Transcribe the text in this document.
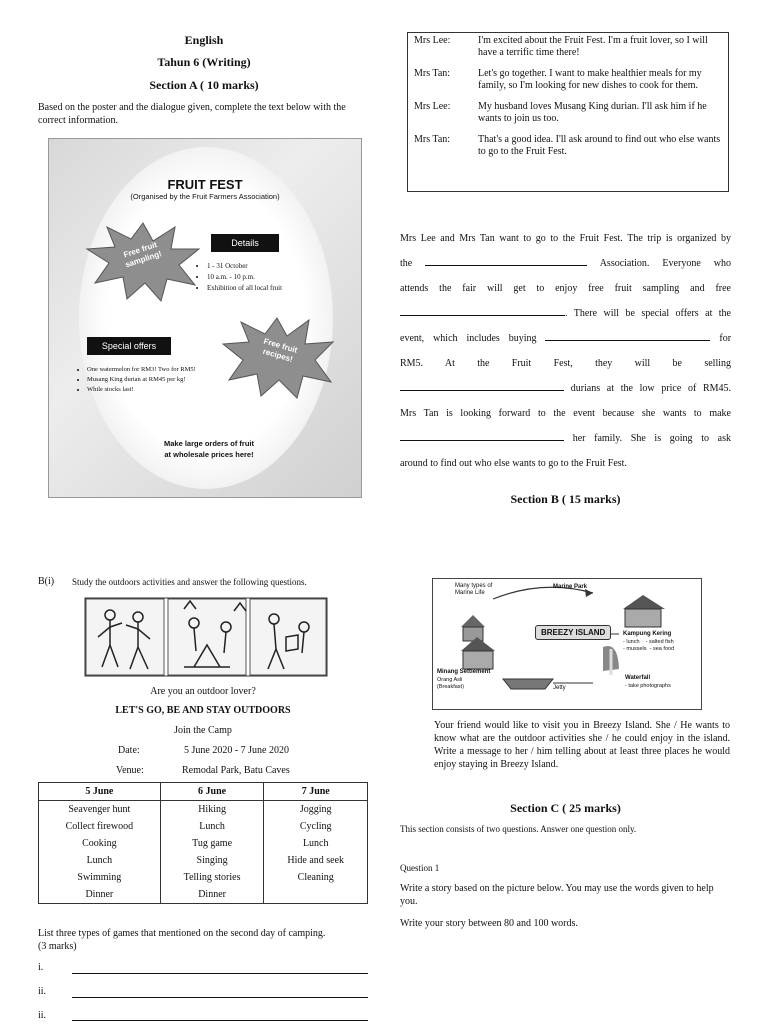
English
Tahun 6 (Writing)
Section A ( 10 marks)
Based on the poster and the dialogue given, complete the text below with the correct information.
FRUIT FEST
(Organised by the Fruit Farmers Association)
Free fruit sampling!
Details
• 1 - 31 October
• 10 a.m. - 10 p.m.
• Exhibition of all local fruit
Free fruit recipes!
Special offers
• One watermelon for RM3! Two for RM5!
• Musang King durian at RM45 per kg!
• While stocks last!
Make large orders of fruit
at wholesale prices here!
Mrs Lee:	I'm excited about the Fruit Fest. I'm a fruit lover, so I will have a terrific time there!
Mrs Tan:	Let's go together. I want to make healthier meals for my family, so I'm looking for new dishes to cook for them.
Mrs Lee:	My husband loves Musang King durian. I'll ask him if he wants to join us too.
Mrs Tan:	That's a good idea. I'll ask around to find out who else wants to go to the Fruit Fest.

Mrs Lee and Mrs Tan want to go to the Fruit Fest. The trip is organized by

the	Association. Everyone who

attends the fair will get to enjoy free fruit sampling and free

. There will be special offers at the

event, which includes buying	for

RM5. At the Fruit Fest, they will be selling

durians at the low price of RM45.

Mrs Tan is looking forward to the event because she wants to make

her family. She is going to ask

around to find out who else wants to go to the Fruit Fest.

Section B ( 15 marks)
B(i) Study the outdoors activities and answer the following questions.
Are you an outdoor lover?
LET'S GO, BE AND STAY OUTDOORS
Join the Camp
Date:	5 June 2020 - 7 June 2020
Venue:	Remodal Park, Batu Caves
5 June	6 June	7 June
Seavenger hunt	Hiking	Jogging
Collect firewood	Lunch	Cycling
Cooking	Tug game	Lunch
Lunch	Singing	Hide and seek
Swimming	Telling stories	Cleaning
Dinner	Dinner	
List three types of games that mentioned on the second day of camping.
(3 marks)
i.
ii.
ii.
Many types of Marine Life
Marine Park
BREEZY ISLAND	Kampung Kering
- lunch    - salted fish
- mussels  - sea food
Minang Settlement
Orang Asli (Breakfast)	Jetty
Waterfall
- take photographs
Your friend would like to visit you in Breezy Island. She / He wants to know what are the outdoor activities she / he could enjoy in the island. Write a message to her / him telling about at least three places he would enjoy staying in Breezy Island.
Section C ( 25 marks)
This section consists of two questions. Answer one question only.
Question 1
Write a story based on the picture below. You may use the words given to help you.
Write your story between 80 and 100 words.
